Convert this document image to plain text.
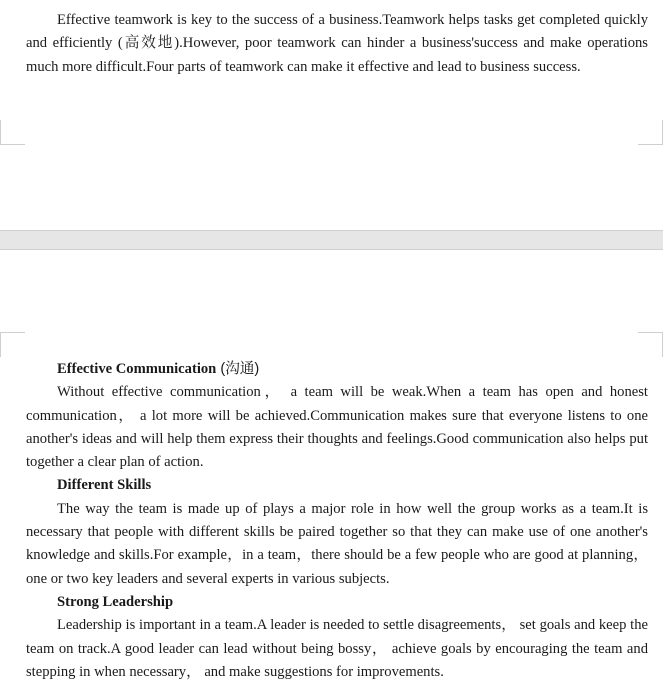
Effective teamwork is key to the success of a business.Teamwork helps tasks get completed quickly and efficiently (高效地).However, poor teamwork can hinder a business'success and make operations much more difficult.Four parts of teamwork can make it effective and lead to business success.

Effective Communication (沟通)

Without effective communication， a team will be weak.When a team has open and honest communication， a lot more will be achieved.Communication makes sure that everyone listens to one another's ideas and will help them express their thoughts and feelings.Good communication also helps put together a clear plan of action.

Different Skills

The way the team is made up of plays a major role in how well the group works as a team.It is necessary that people with different skills be paired together so that they can make use of one another's knowledge and skills.For example，in a team，there should be a few people who are good at planning， one or two key leaders and several experts in various subjects.

Strong Leadership

Leadership is important in a team.A leader is needed to settle disagreements， set goals and keep the team on track.A good leader can lead without being bossy， achieve goals by encouraging the team and stepping in when necessary， and make suggestions for improvements.
